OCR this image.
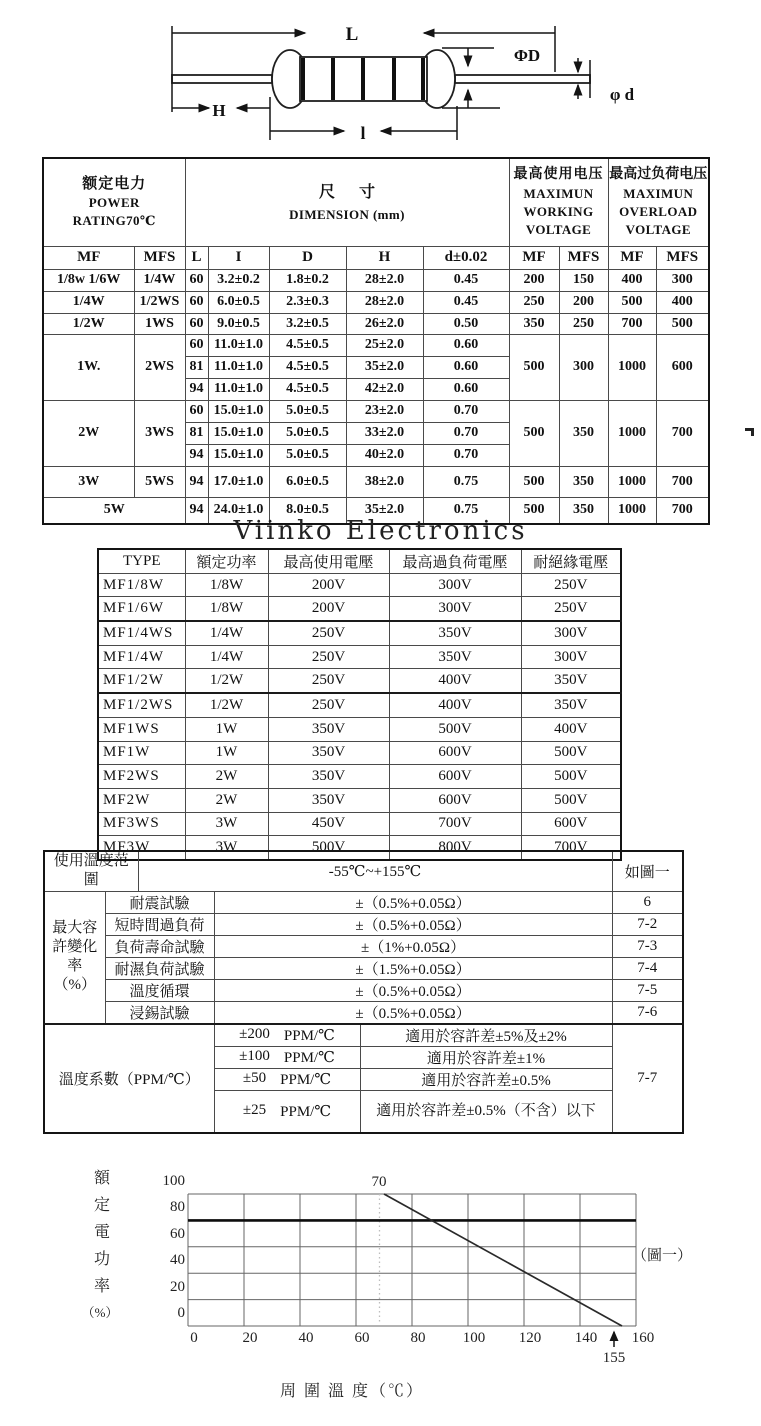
L
ΦD
φ d
H
l
额定电力
POWER
RATING70℃

尺      寸
DIMENSION (mm)

最高使用电压
MAXIMUN
WORKING
VOLTAGE

最高过负荷电压
MAXIMUN
OVERLOAD
VOLTAGE

MF	MFS	L	I	D	H	d±0.02	MF	MFS	MF	MFS
1/8w 1/6W	1/4W	60	3.2±0.2	1.8±0.2	28±2.0	0.45	200	150	400	300
1/4W	1/2WS	60	6.0±0.5	2.3±0.3	28±2.0	0.45	250	200	500	400
1/2W	1WS	60	9.0±0.5	3.2±0.5	26±2.0	0.50	350	250	700	500
1W.	2WS	60	11.0±1.0	4.5±0.5	25±2.0	0.60	500	300	1000	600
		81	11.0±1.0	4.5±0.5	35±2.0	0.60				
		94	11.0±1.0	4.5±0.5	42±2.0	0.60				
2W	3WS	60	15.0±1.0	5.0±0.5	23±2.0	0.70	500	350	1000	700
		81	15.0±1.0	5.0±0.5	33±2.0	0.70				
		94	15.0±1.0	5.0±0.5	40±2.0	0.70				
3W	5WS	94	17.0±1.0	6.0±0.5	38±2.0	0.75	500	350	1000	700
5W		94	24.0±1.0	8.0±0.5	35±2.0	0.75	500	350	1000	700
Viinko Electronics
TYPE	額定功率	最高使用電壓	最高過負荷電壓	耐絕緣電壓
MF1/8W	1/8W	200V	300V	250V
MF1/6W	1/8W	200V	300V	250V
MF1/4WS	1/4W	250V	350V	300V
MF1/4W	1/4W	250V	350V	300V
MF1/2W	1/2W	250V	400V	350V
MF1/2WS	1/2W	250V	400V	350V
MF1WS	1W	350V	500V	400V
MF1W	1W	350V	600V	500V
MF2WS	2W	350V	600V	500V
MF2W	2W	350V	600V	500V
MF3WS	3W	450V	700V	600V
MF3W	3W	500V	800V	700V
使用溫度范圍		-55℃~+155℃			如圖一

最大容
許變化
率
（%）	耐震試驗		±（0.5%+0.05Ω）		6
	短時間過負荷		±（0.5%+0.05Ω）		7-2
	負荷壽命試驗		±（1%+0.05Ω）		7-3
	耐濕負荷試驗		±（1.5%+0.05Ω）		7-4
	溫度循環		±（0.5%+0.05Ω）		7-5
	浸錫試驗		±（0.5%+0.05Ω）		7-6
溫度系數（PPM/℃）			±200 PPM/℃	適用於容許差±5%及±2%	7-7

			±100 PPM/℃	適用於容許差±1%	

			±50 PPM/℃	適用於容許差±0.5%	

			±25 PPM/℃	適用於容許差±0.5%（不含）以下	
額
定
電
功
率
（%）
100
80
60
40
20
0
0	20	40	60	80 100 120 140 160
70
155
（圖一）
周 圍 溫 度（℃）
